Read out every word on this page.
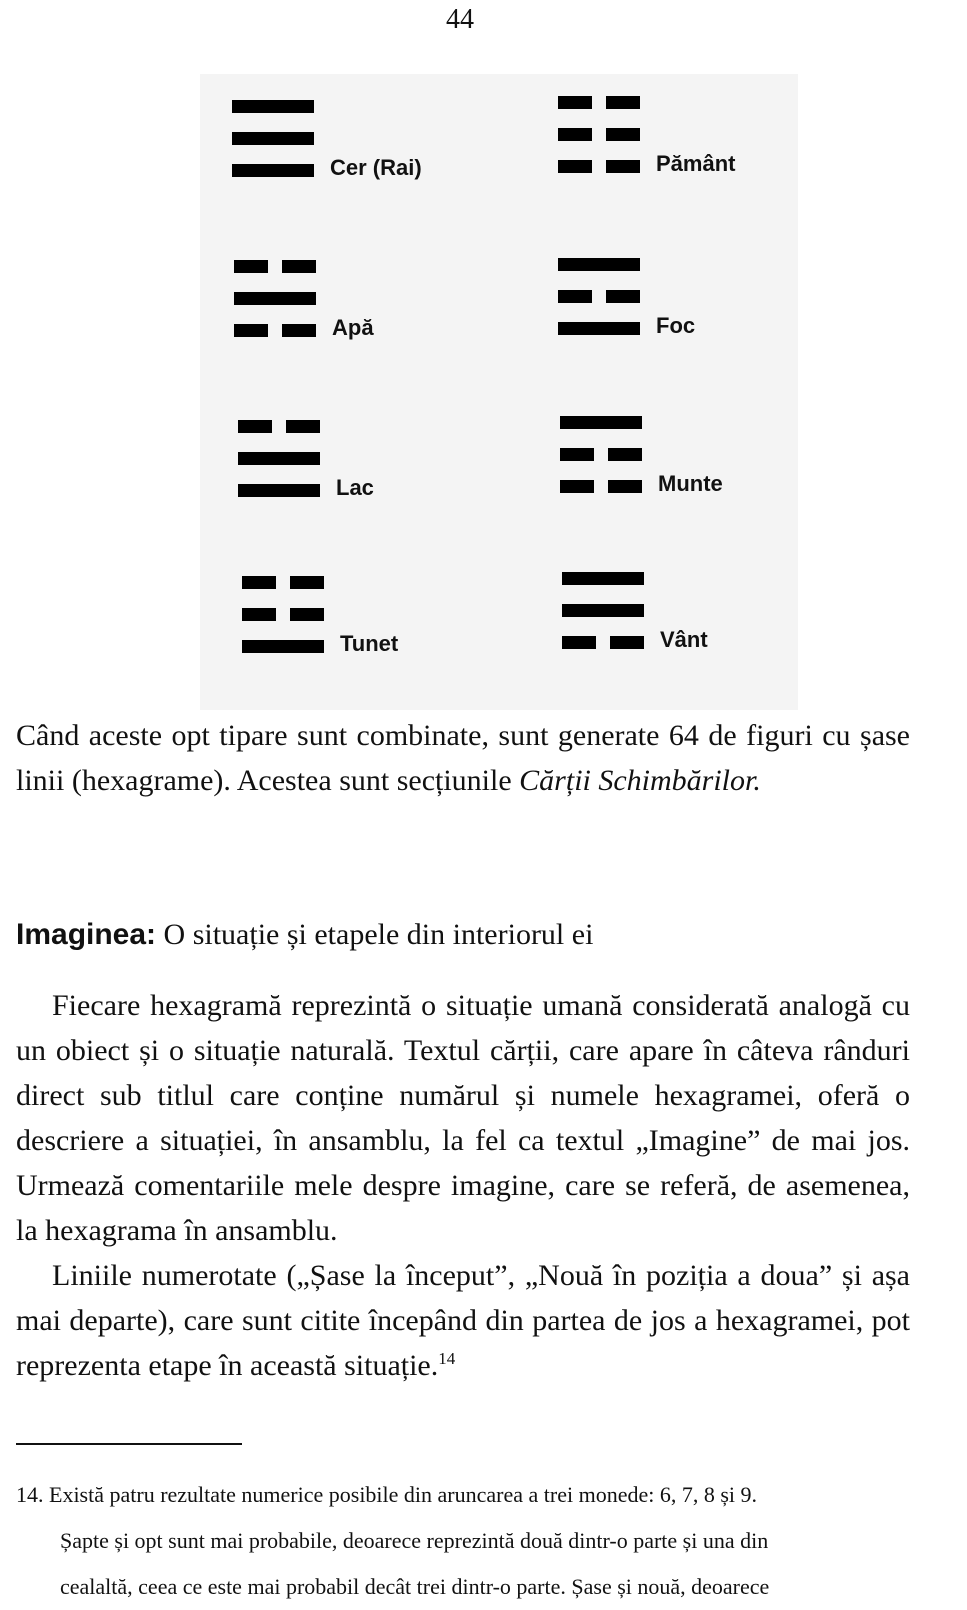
44
Cer (Rai)	Pământ
Apă	Foc
Lac	Munte
Tunet	Vânt
Când aceste opt tipare sunt combinate, sunt generate 64 de figuri cu șase linii (hexagrame). Acestea sunt secțiunile Cărții Schimbărilor.
Imaginea: O situație și etapele din interiorul ei
Fiecare hexagramă reprezintă o situație umană considerată analogă cu un obiect și o situație naturală. Textul cărții, care apare în câteva rânduri direct sub titlul care conține numărul și numele hexagramei, oferă o descriere a situației, în ansamblu, la fel ca textul „Imagine” de mai jos. Urmează comentariile mele despre imagine, care se referă, de asemenea, la hexagrama în ansamblu.
Liniile numerotate („Șase la început”, „Nouă în poziția a doua” și așa mai departe), care sunt citite începând din partea de jos a hexagramei, pot reprezenta etape în această situație.$^{14}$
14. Există patru rezultate numerice posibile din aruncarea a trei monede: 6, 7, 8 și 9.
Șapte și opt sunt mai probabile, deoarece reprezintă două dintr-o parte și una din
cealaltă, ceea ce este mai probabil decât trei dintr-o parte. Șase și nouă, deoarece
